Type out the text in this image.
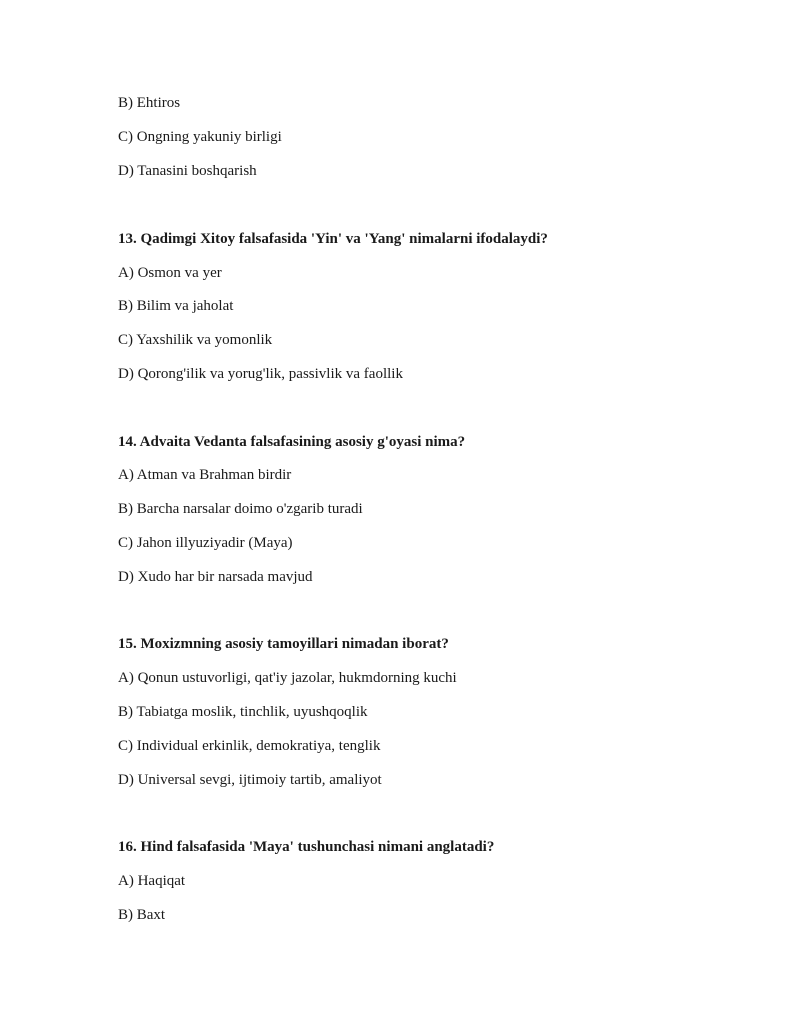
B) Ehtiros
C) Ongning yakuniy birligi
D) Tanasini boshqarish
13. Qadimgi Xitoy falsafasida 'Yin' va 'Yang' nimalarni ifodalaydi?
A) Osmon va yer
B) Bilim va jaholat
C) Yaxshilik va yomonlik
D) Qorong'ilik va yorug'lik, passivlik va faollik
14. Advaita Vedanta falsafasining asosiy g'oyasi nima?
A) Atman va Brahman birdir
B) Barcha narsalar doimo o'zgarib turadi
C) Jahon illyuziyadir (Maya)
D) Xudo har bir narsada mavjud
15. Moxizmning asosiy tamoyillari nimadan iborat?
A) Qonun ustuvorligi, qat'iy jazolar, hukmdorning kuchi
B) Tabiatga moslik, tinchlik, uyushqoqlik
C) Individual erkinlik, demokratiya, tenglik
D) Universal sevgi, ijtimoiy tartib, amaliyot
16. Hind falsafasida 'Maya' tushunchasi nimani anglatadi?
A) Haqiqat
B) Baxt
